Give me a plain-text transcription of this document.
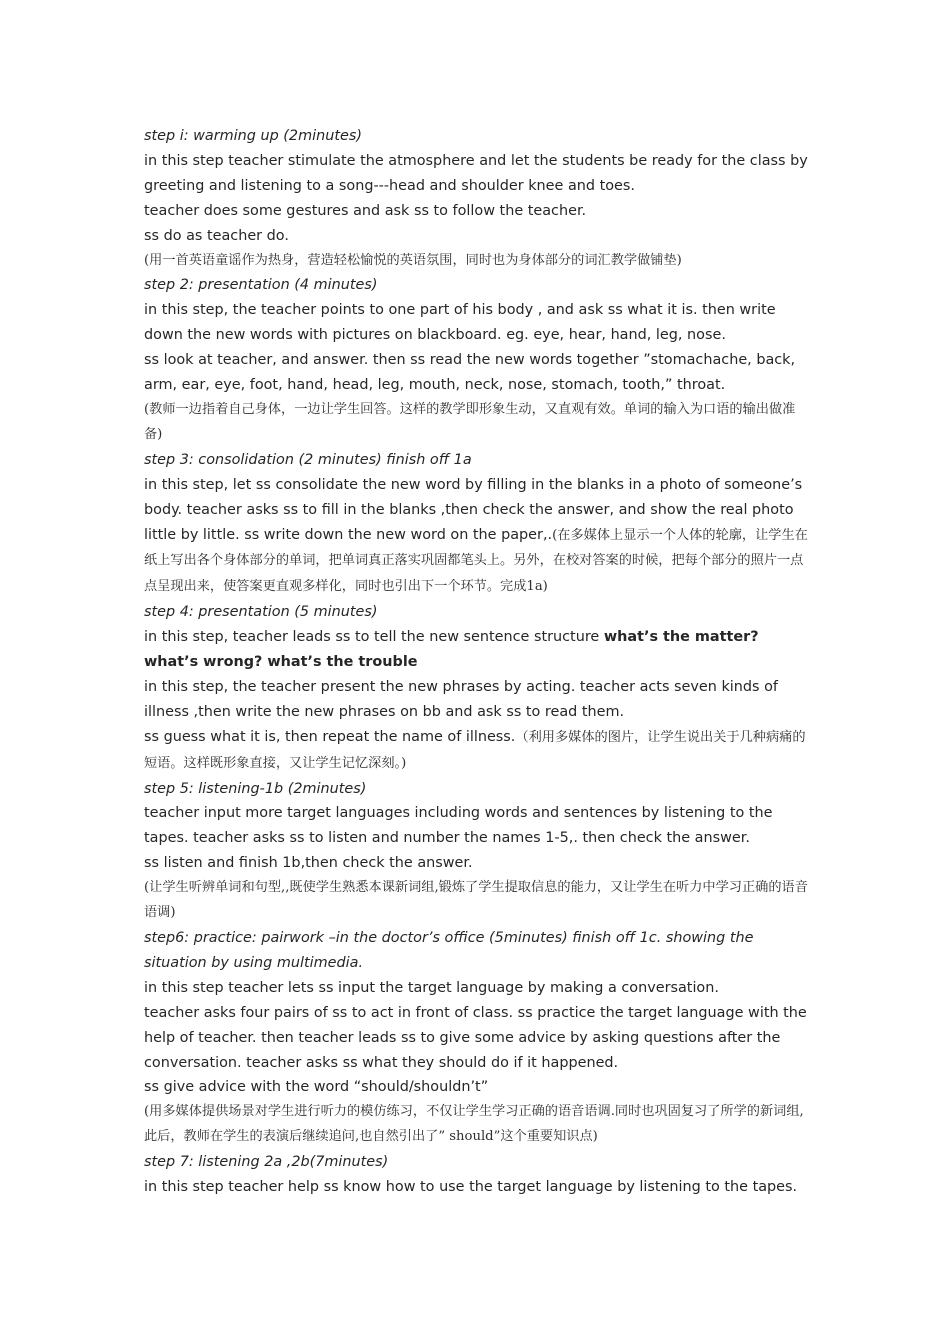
step i: warming up (2minutes)

in this step teacher stimulate the atmosphere and let the students be ready for the class by greeting and listening to a song---head and shoulder knee and toes.

teacher does some gestures and ask ss to follow the teacher.

ss do as teacher do.

(用一首英语童谣作为热身，营造轻松愉悦的英语氛围，同时也为身体部分的词汇教学做铺垫)

step 2: presentation (4 minutes)

in this step, the teacher points to one part of his body , and ask ss what it is. then write down the new words with pictures on blackboard. eg. eye, hear, hand, leg, nose.

ss look at teacher, and answer. then ss read the new words together ”stomachache, back, arm, ear, eye, foot, hand, head, leg, mouth, neck, nose, stomach, tooth,” throat.

(教师一边指着自己身体，一边让学生回答。这样的教学即形象生动，又直观有效。单词的输入为口语的输出做准备)

step 3: consolidation (2 minutes) finish off 1a

in this step, let ss consolidate the new word by filling in the blanks in a photo of someone’s body. teacher asks ss to fill in the blanks ,then check the answer, and show the real photo little by little. ss write down the new word on the paper,.(在多媒体上显示一个人体的轮廓，让学生在纸上写出各个身体部分的单词，把单词真正落实巩固都笔头上。另外，在校对答案的时候，把每个部分的照片一点点呈现出来，使答案更直观多样化，同时也引出下一个环节。完成1a)

step 4: presentation (5 minutes)

in this step, teacher leads ss to tell the new sentence structure what’s the matter? what’s wrong? what’s the trouble

in this step, the teacher present the new phrases by acting. teacher acts seven kinds of illness ,then write the new phrases on bb and ask ss to read them.

ss guess what it is, then repeat the name of illness.（利用多媒体的图片，让学生说出关于几种病痛的短语。这样既形象直接，又让学生记忆深刻。)

step 5: listening-1b (2minutes)

teacher input more target languages including words and sentences by listening to the tapes. teacher asks ss to listen and number the names 1-5,. then check the answer.

ss listen and finish 1b,then check the answer.

(让学生听辨单词和句型,,既使学生熟悉本课新词组,锻炼了学生提取信息的能力，又让学生在听力中学习正确的语音语调)

step6: practice: pairwork –in the doctor’s office (5minutes) finish off 1c. showing the situation by using multimedia.

in this step teacher lets ss input the target language by making a conversation.

teacher asks four pairs of ss to act in front of class. ss practice the target language with the help of teacher. then teacher leads ss to give some advice by asking questions after the conversation. teacher asks ss what they should do if it happened.

ss give advice with the word “should/shouldn’t”

(用多媒体提供场景对学生进行听力的模仿练习，不仅让学生学习正确的语音语调.同时也巩固复习了所学的新词组,此后，教师在学生的表演后继续追问,也自然引出了” should”这个重要知识点)

step 7: listening 2a ,2b(7minutes)

in this step teacher help ss know how to use the target language by listening to the tapes.
